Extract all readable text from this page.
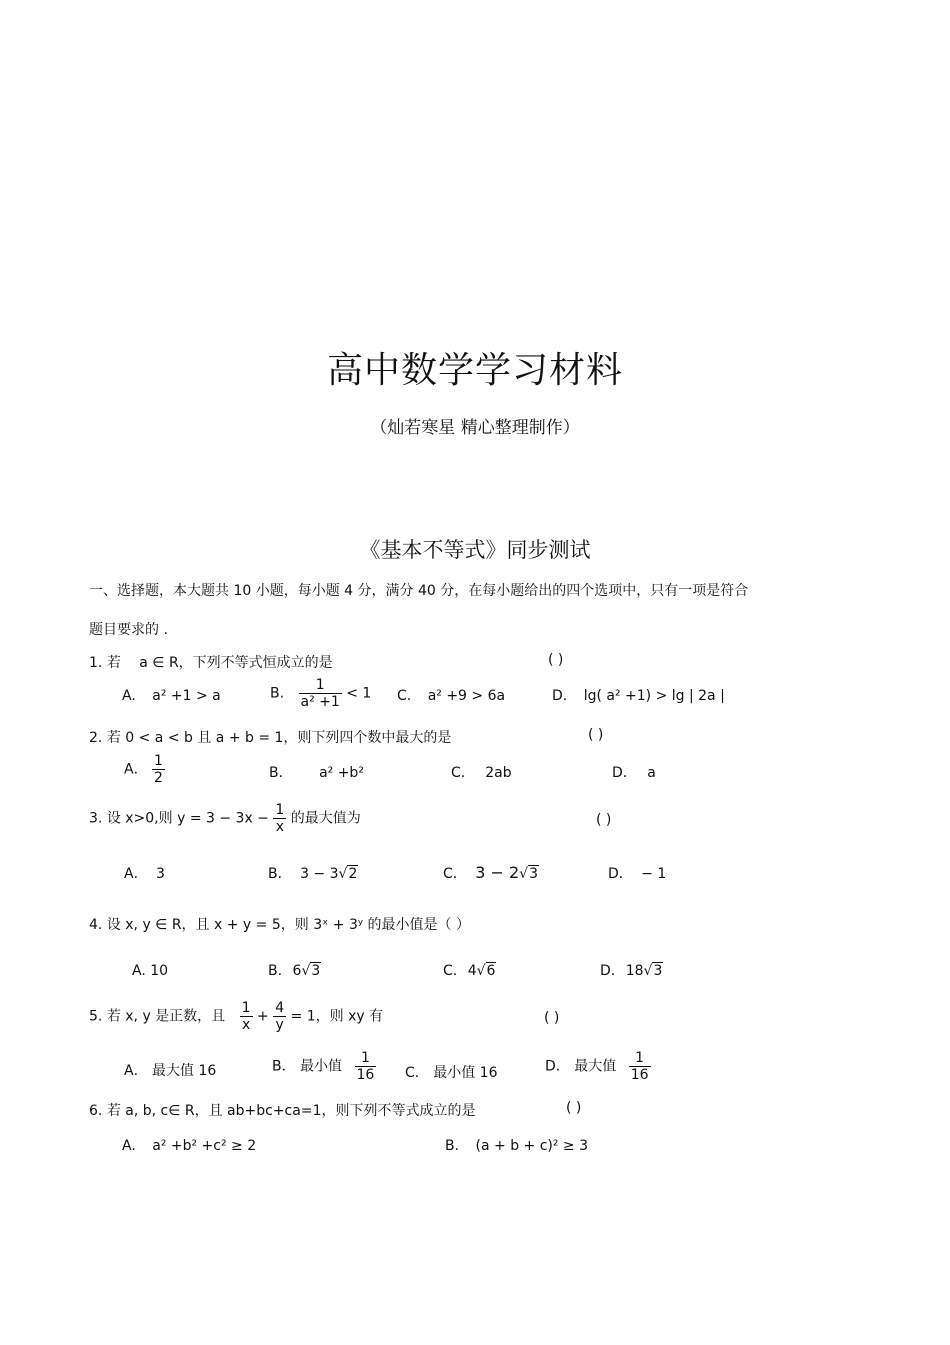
高中数学学习材料
（灿若寒星 精心整理制作）
《基本不等式》同步测试
一、选择题，本大题共 10 小题，每小题 4 分，满分 40 分，在每小题给出的四个选项中，只有一项是符合
题目要求的 .
1. 若 a ∈ R，下列不等式恒成立的是	( )
A. a² +1 > a	B. $\frac{1}{\text{a² +1}} < 1$ C. a² +9 > 6a	D. lg( a² +1) > lg | 2a |
2. 若 0 < a < b 且 a + b = 1，则下列四个数中最大的是	( )
A． $\frac{1}{2}$	B． a² +b²	C． 2ab	D． a
3. 设 x>0,则 $y = 3 - 3x - \frac{1}{x}$ 的最大值为	( )
A． 3	B． 3 − 3√2	C． 3 − 2√3	D． − 1
4. 设 x, y ∈ R，且 x + y = 5，则 3ˣ + 3ʸ 的最小值是（ ）
A. 10	B. 6√3	C. 4√6	D. 18√3
5. 若 x, y 是正数，且 $\frac{1}{x} + \frac{4}{y} = 1$，则 xy 有	( )
A． 最大值 16	B． 最小值 $\frac{1}{16}$ C． 最小值 16	D． 最大值 $\frac{1}{16}$
6. 若 a, b, c∈ R，且 ab+bc+ca=1，则下列不等式成立的是	( )
A. a² +b² +c² ≥ 2	B. (a + b + c)² ≥ 3
